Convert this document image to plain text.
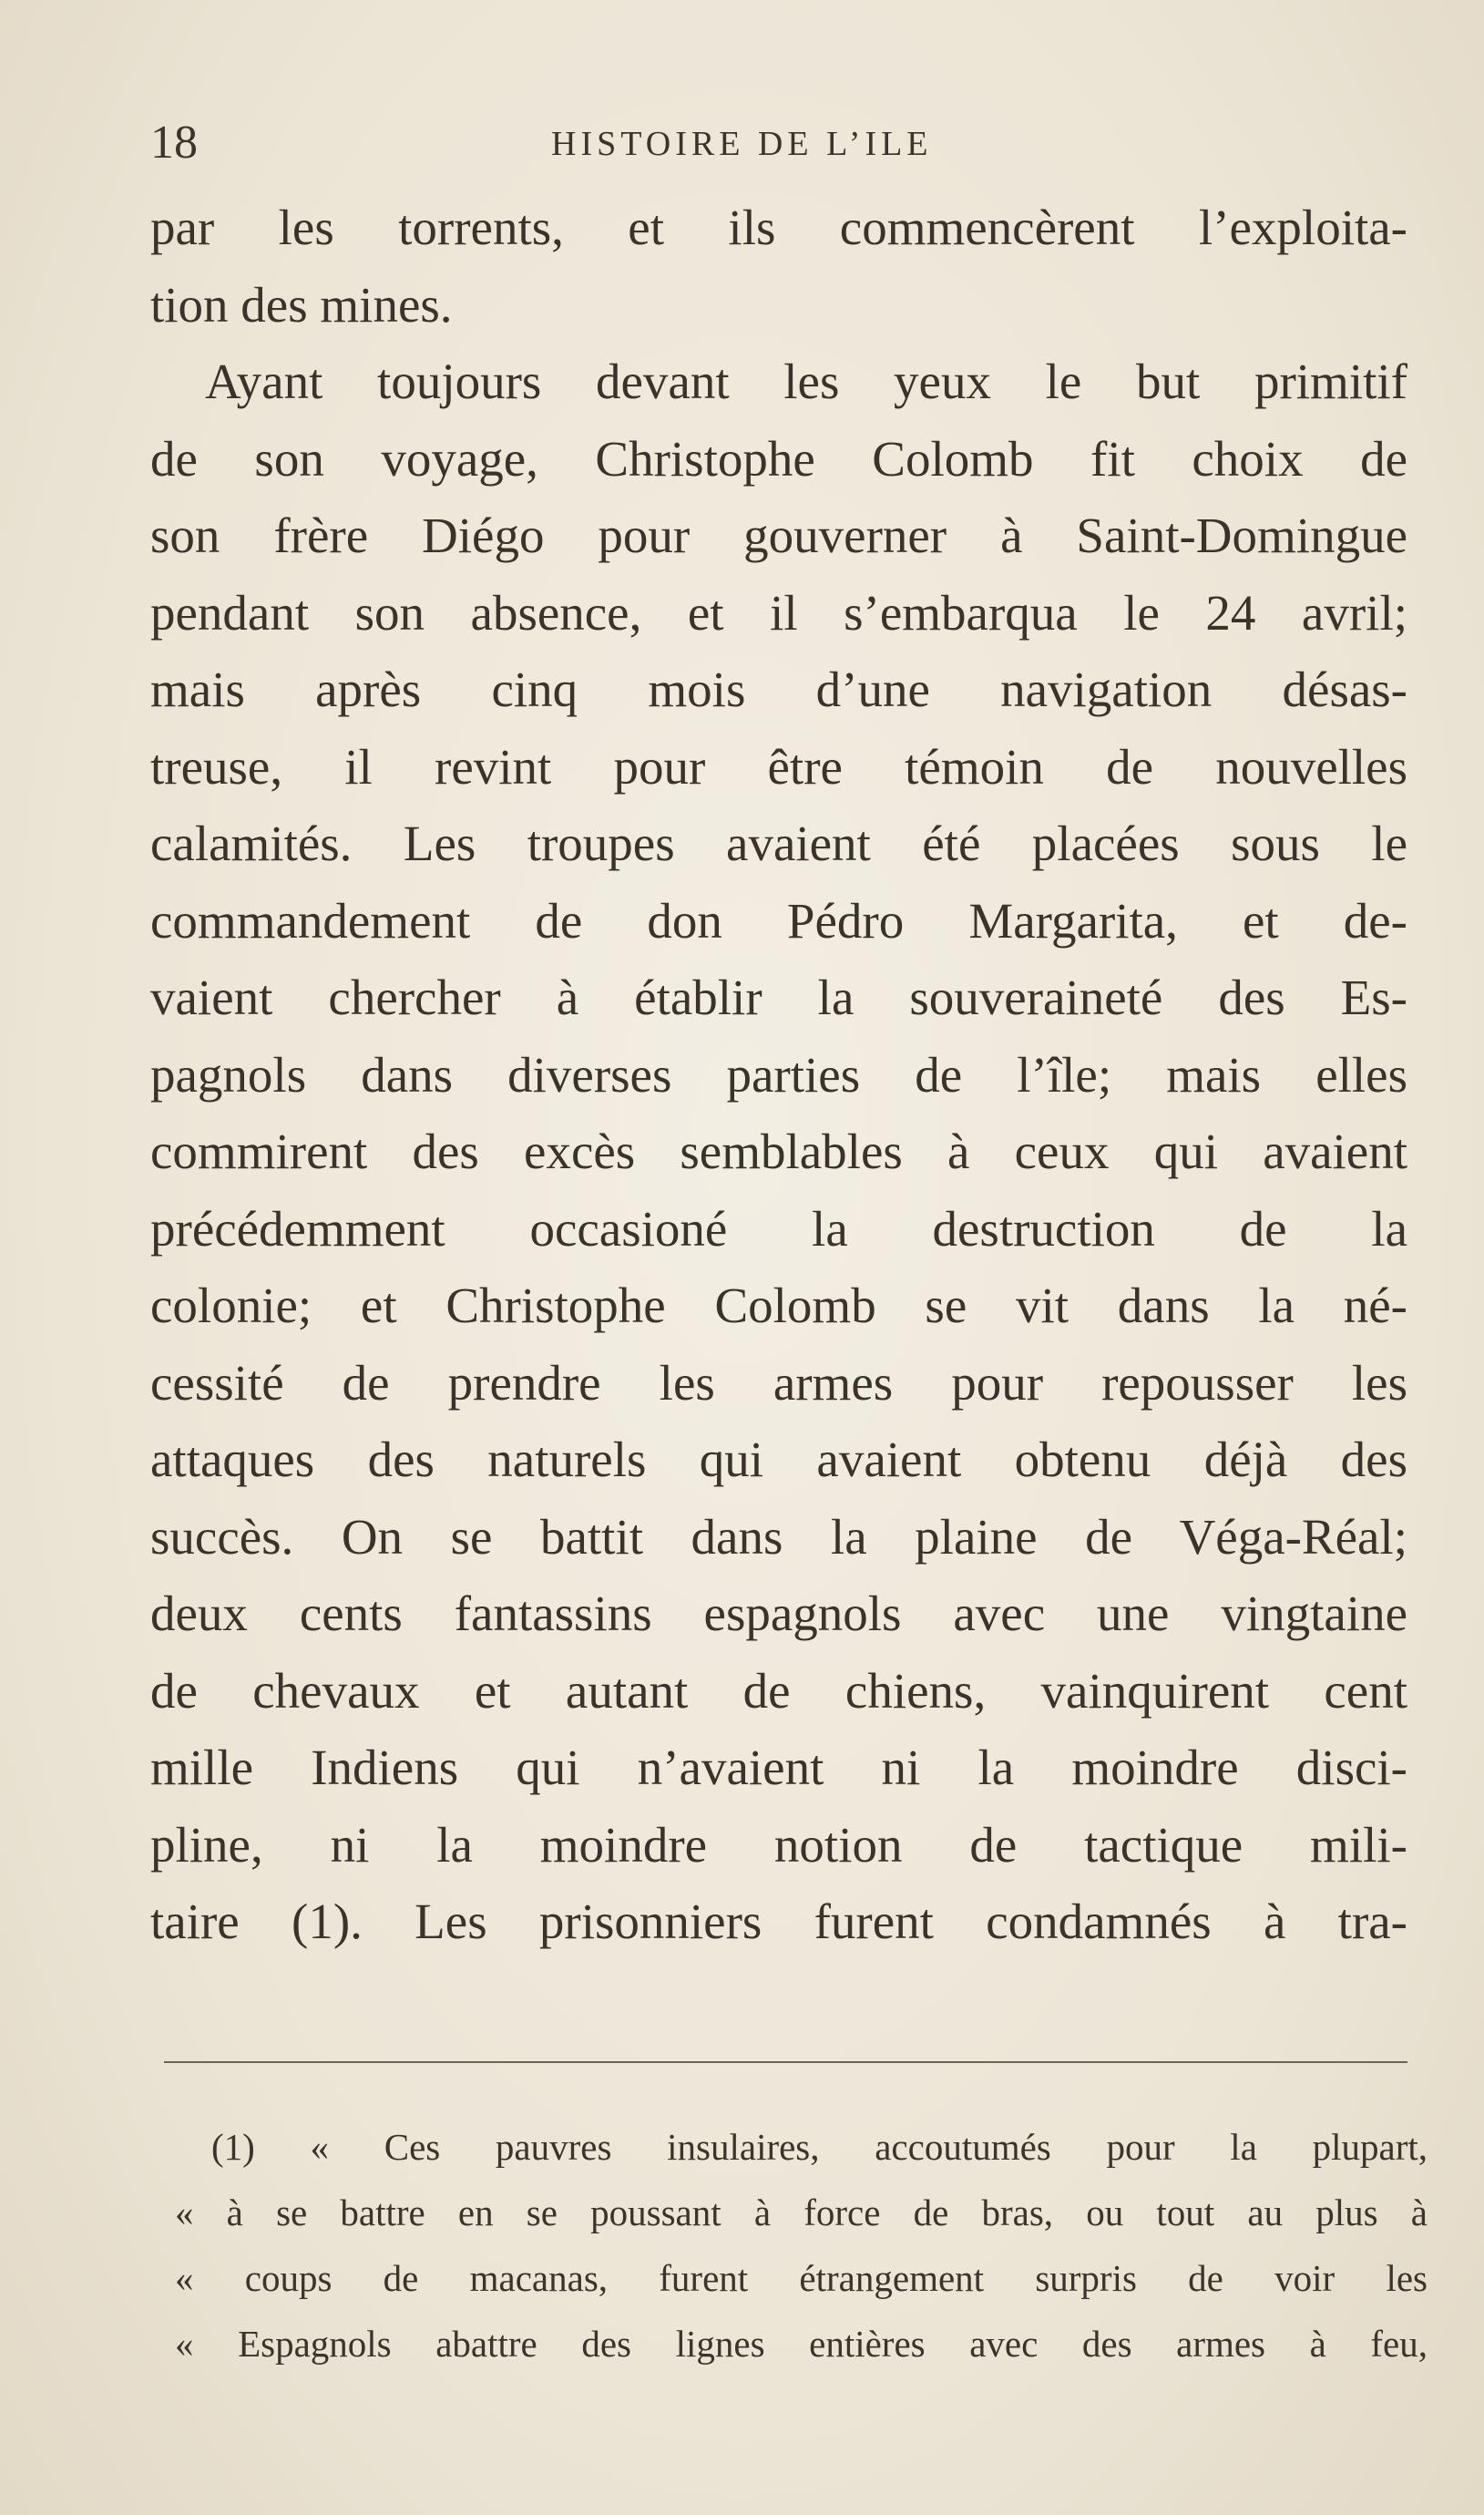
18	HISTOIRE DE L’ILE
par les torrents, et ils commencèrent l’exploita-
tion des mines.
Ayant toujours devant les yeux le but primitif
de son voyage, Christophe Colomb fit choix de
son frère Diégo pour gouverner à Saint-Domingue
pendant son absence, et il s’embarqua le 24 avril;
mais après cinq mois d’une navigation désas-
treuse, il revint pour être témoin de nouvelles
calamités. Les troupes avaient été placées sous le
commandement de don Pédro Margarita, et de-
vaient chercher à établir la souveraineté des Es-
pagnols dans diverses parties de l’île; mais elles
commirent des excès semblables à ceux qui avaient
précédemment occasioné la destruction de la
colonie; et Christophe Colomb se vit dans la né-
cessité de prendre les armes pour repousser les
attaques des naturels qui avaient obtenu déjà des
succès. On se battit dans la plaine de Véga-Réal;
deux cents fantassins espagnols avec une vingtaine
de chevaux et autant de chiens, vainquirent cent
mille Indiens qui n’avaient ni la moindre disci-
pline, ni la moindre notion de tactique mili-
taire (1). Les prisonniers furent condamnés à tra-
(1) « Ces pauvres insulaires, accoutumés pour la plupart,
« à se battre en se poussant à force de bras, ou tout au plus à
« coups de macanas, furent étrangement surpris de voir les
« Espagnols abattre des lignes entières avec des armes à feu,
